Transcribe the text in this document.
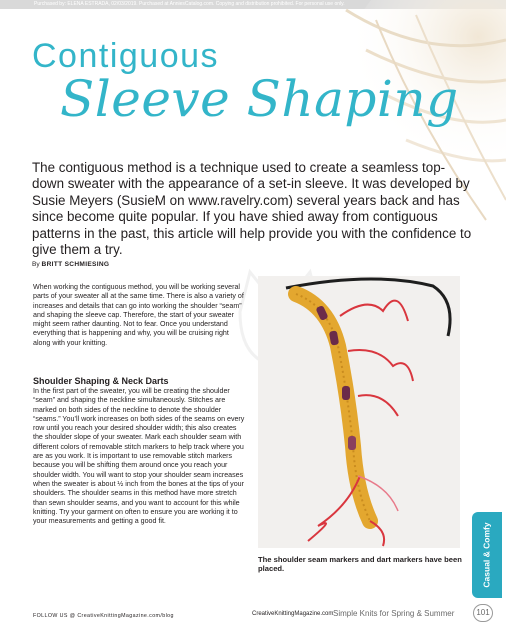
Purchased by: ELENA ESTRADA, 02/03/2019. Purchased at AnniesCatalog.com. Copying and distribution prohibited. For personal use only.
Contiguous
Sleeve Shaping

The contiguous method is a technique used to create a seamless top-down sweater with the appearance of a set-in sleeve. It was developed by Susie Meyers (SusieM on www.ravelry.com) several years back and has since become quite popular. If you have shied away from contiguous patterns in the past, this article will help provide you with the confidence to give them a try.

By BRITT SCHMIESING

When working the contiguous method, you will be working several parts of your sweater all at the same time. There is also a variety of increases and details that can go into working the shoulder “seam” and shaping the sleeve cap. Therefore, the start of your sweater might seem rather daunting. Not to fear. Once you understand everything that is happening and why, you will be cruising right along with your knitting.

Shoulder Shaping & Neck Darts

In the first part of the sweater, you will be creating the shoulder “seam” and shaping the neckline simultaneously. Stitches are marked on both sides of the neckline to denote the shoulder “seams.” You’ll work increases on both sides of the seams on every row until you reach your desired shoulder width; this also creates the shoulder slope of your sweater. Mark each shoulder seam with different colors of removable stitch markers to help track where you are as you work. It is important to use removable stitch markers because you will be shifting them around once you reach your shoulder width. You will want to stop your shoulder seam increases when the sweater is about ½ inch from the bones at the tips of your shoulders. The shoulder seams in this method have more stretch than sewn shoulder seams, and you want to account for this while knitting. Try your garment on often to ensure you are working it to your measurements and getting a good fit.

The shoulder seam markers and dart markers have been placed.	Casual & Comfy
FOLLOW US @ CreativeKnittingMagazine.com/blog	CreativeKnittingMagazine.com Simple Knits for Spring & Summer	101
